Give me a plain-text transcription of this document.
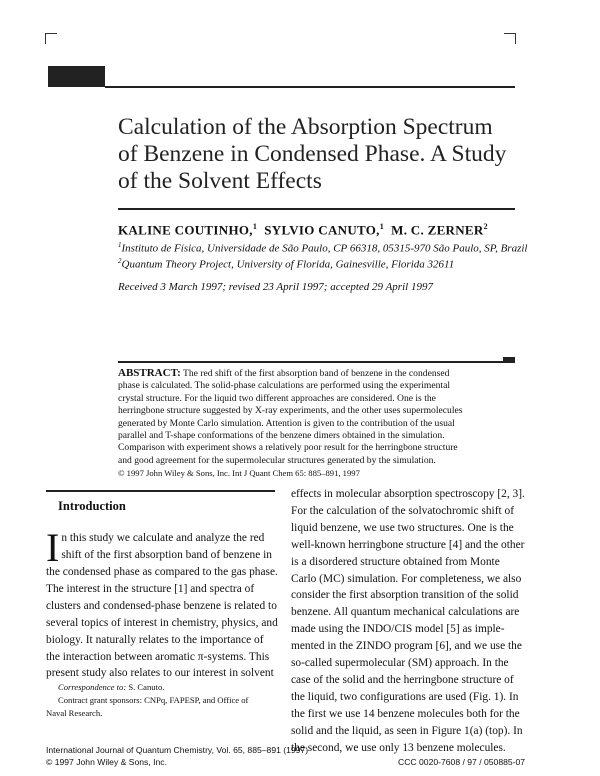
Calculation of the Absorption Spectrum
of Benzene in Condensed Phase. A Study
of the Solvent Effects
KALINE COUTINHO,$^1$ SYLVIO CANUTO,$^1$ M. C. ZERNER$^2$
$^1$Instituto de Física, Universidade de São Paulo, CP 66318, 05315-970 São Paulo, SP, Brazil
$^2$Quantum Theory Project, University of Florida, Gainesville, Florida 32611
Received 3 March 1997; revised 23 April 1997; accepted 29 April 1997
ABSTRACT: The red shift of the first absorption band of benzene in the condensed
phase is calculated. The solid-phase calculations are performed using the experimental
crystal structure. For the liquid two different approaches are considered. One is the
herringbone structure suggested by X-ray experiments, and the other uses supermolecules
generated by Monte Carlo simulation. Attention is given to the contribution of the usual
parallel and T-shape conformations of the benzene dimers obtained in the simulation.
Comparison with experiment shows a relatively poor result for the herringbone structure
and good agreement for the supermolecular structures generated by the simulation.
© 1997 John Wiley & Sons, Inc. Int J Quant Chem 65: 885–891, 1997
Introduction
I n this study we calculate and analyze the red
shift of the first absorption band of benzene in
the condensed phase as compared to the gas phase.
The interest in the structure [1] and spectra of
clusters and condensed-phase benzene is related to
several topics of interest in chemistry, physics, and
biology. It naturally relates to the importance of
the interaction between aromatic π-systems. This
present study also relates to our interest in solvent
Correspondence to: S. Canuto.
Contract grant sponsors: CNPq, FAPESP, and Office of
Naval Research.
effects in molecular absorption spectroscopy [2, 3].
For the calculation of the solvatochromic shift of
liquid benzene, we use two structures. One is the
well-known herringbone structure [4] and the other
is a disordered structure obtained from Monte
Carlo (MC) simulation. For completeness, we also
consider the first absorption transition of the solid
benzene. All quantum mechanical calculations are
made using the INDO/CIS model [5] as imple-
mented in the ZINDO program [6], and we use the
so-called supermolecular (SM) approach. In the
case of the solid and the herringbone structure of
the liquid, two configurations are used (Fig. 1). In
the first we use 14 benzene molecules both for the
solid and the liquid, as seen in Figure 1(a) (top). In
the second, we use only 13 benzene molecules.
International Journal of Quantum Chemistry, Vol. 65, 885–891 (1997)
© 1997 John Wiley & Sons, Inc.	CCC 0020-7608 / 97 / 050885-07
